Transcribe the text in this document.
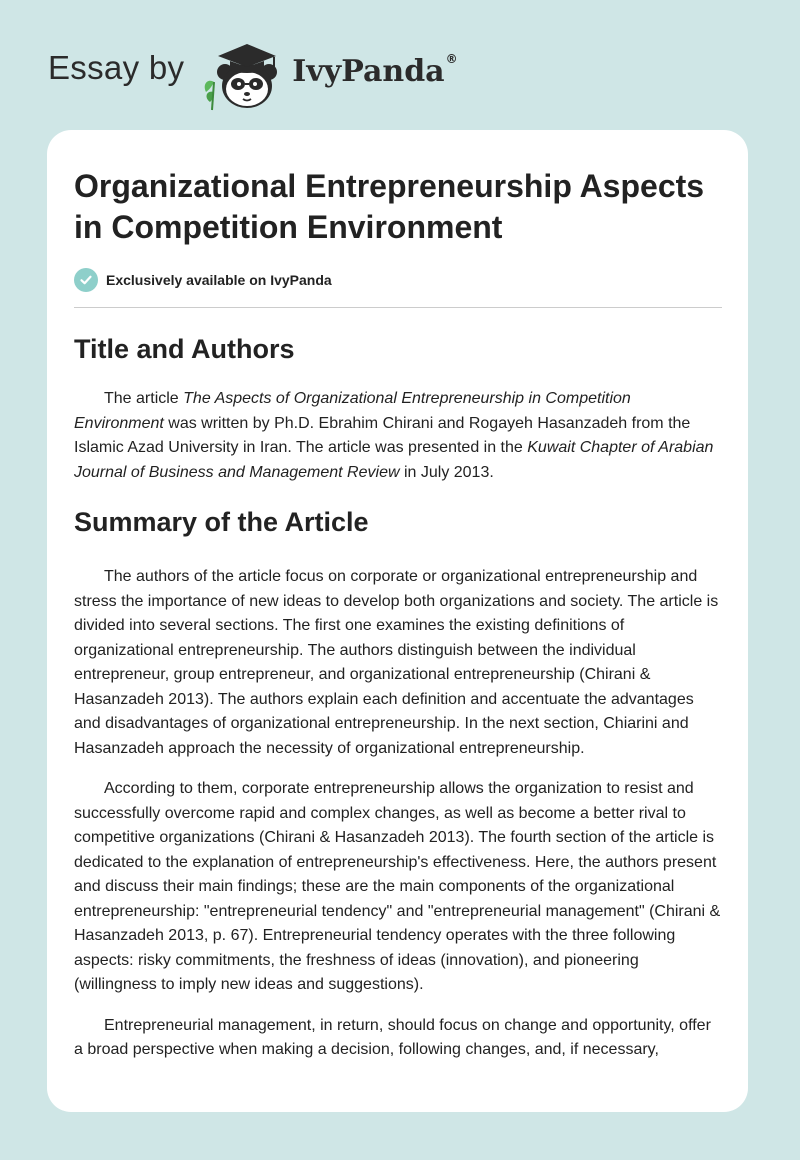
Essay by	IvyPanda®
Organizational Entrepreneurship Aspects in Competition Environment
Exclusively available on IvyPanda
Title and Authors

The article The Aspects of Organizational Entrepreneurship in Competition Environment was written by Ph.D. Ebrahim Chirani and Rogayeh Hasanzadeh from the Islamic Azad University in Iran. The article was presented in the Kuwait Chapter of Arabian Journal of Business and Management Review in July 2013.

Summary of the Article

The authors of the article focus on corporate or organizational entrepreneurship and stress the importance of new ideas to develop both organizations and society. The article is divided into several sections. The first one examines the existing definitions of organizational entrepreneurship. The authors distinguish between the individual entrepreneur, group entrepreneur, and organizational entrepreneurship (Chirani & Hasanzadeh 2013). The authors explain each definition and accentuate the advantages and disadvantages of organizational entrepreneurship. In the next section, Chiarini and Hasanzadeh approach the necessity of organizational entrepreneurship.

According to them, corporate entrepreneurship allows the organization to resist and successfully overcome rapid and complex changes, as well as become a better rival to competitive organizations (Chirani & Hasanzadeh 2013). The fourth section of the article is dedicated to the explanation of entrepreneurship's effectiveness. Here, the authors present and discuss their main findings; these are the main components of the organizational entrepreneurship: "entrepreneurial tendency" and "entrepreneurial management" (Chirani & Hasanzadeh 2013, p. 67). Entrepreneurial tendency operates with the three following aspects: risky commitments, the freshness of ideas (innovation), and pioneering (willingness to imply new ideas and suggestions).

Entrepreneurial management, in return, should focus on change and opportunity, offer a broad perspective when making a decision, following changes, and, if necessary,
